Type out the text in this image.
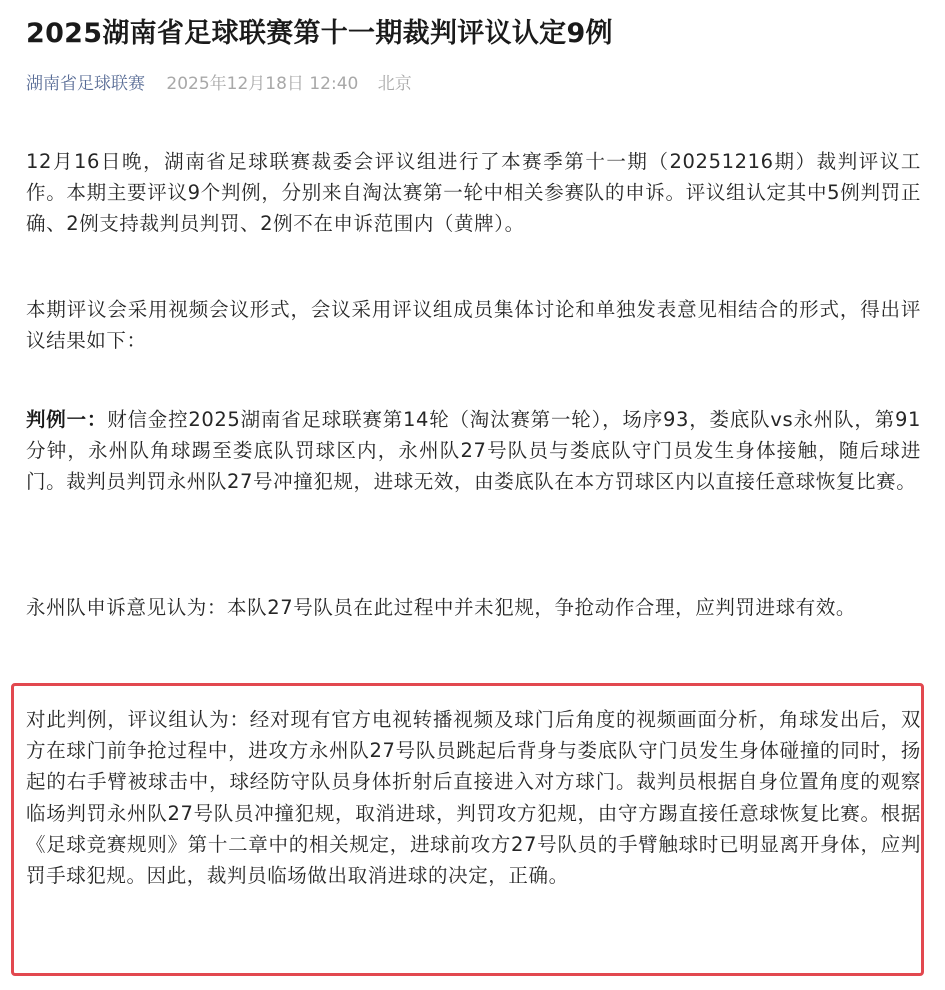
2025湖南省足球联赛第十一期裁判评议认定9例
湖南省足球联赛 2025年12月18日 12:40 北京
12月16日晚，湖南省足球联赛裁委会评议组进行了本赛季第十一期（20251216期）裁判评议工作。本期主要评议9个判例，分别来自淘汰赛第一轮中相关参赛队的申诉。评议组认定其中5例判罚正确、2例支持裁判员判罚、2例不在申诉范围内（黄牌）。
本期评议会采用视频会议形式，会议采用评议组成员集体讨论和单独发表意见相结合的形式，得出评议结果如下：
判例一：财信金控2025湖南省足球联赛第14轮（淘汰赛第一轮），场序93，娄底队vs永州队，第91分钟，永州队角球踢至娄底队罚球区内，永州队27号队员与娄底队守门员发生身体接触，随后球进门。裁判员判罚永州队27号冲撞犯规，进球无效，由娄底队在本方罚球区内以直接任意球恢复比赛。
永州队申诉意见认为：本队27号队员在此过程中并未犯规，争抢动作合理，应判罚进球有效。
对此判例，评议组认为：经对现有官方电视转播视频及球门后角度的视频画面分析，角球发出后，双方在球门前争抢过程中，进攻方永州队27号队员跳起后背身与娄底队守门员发生身体碰撞的同时，扬起的右手臂被球击中，球经防守队员身体折射后直接进入对方球门。裁判员根据自身位置角度的观察临场判罚永州队27号队员冲撞犯规，取消进球，判罚攻方犯规，由守方踢直接任意球恢复比赛。根据《足球竞赛规则》第十二章中的相关规定，进球前攻方27号队员的手臂触球时已明显离开身体，应判罚手球犯规。因此，裁判员临场做出取消进球的决定，正确。
